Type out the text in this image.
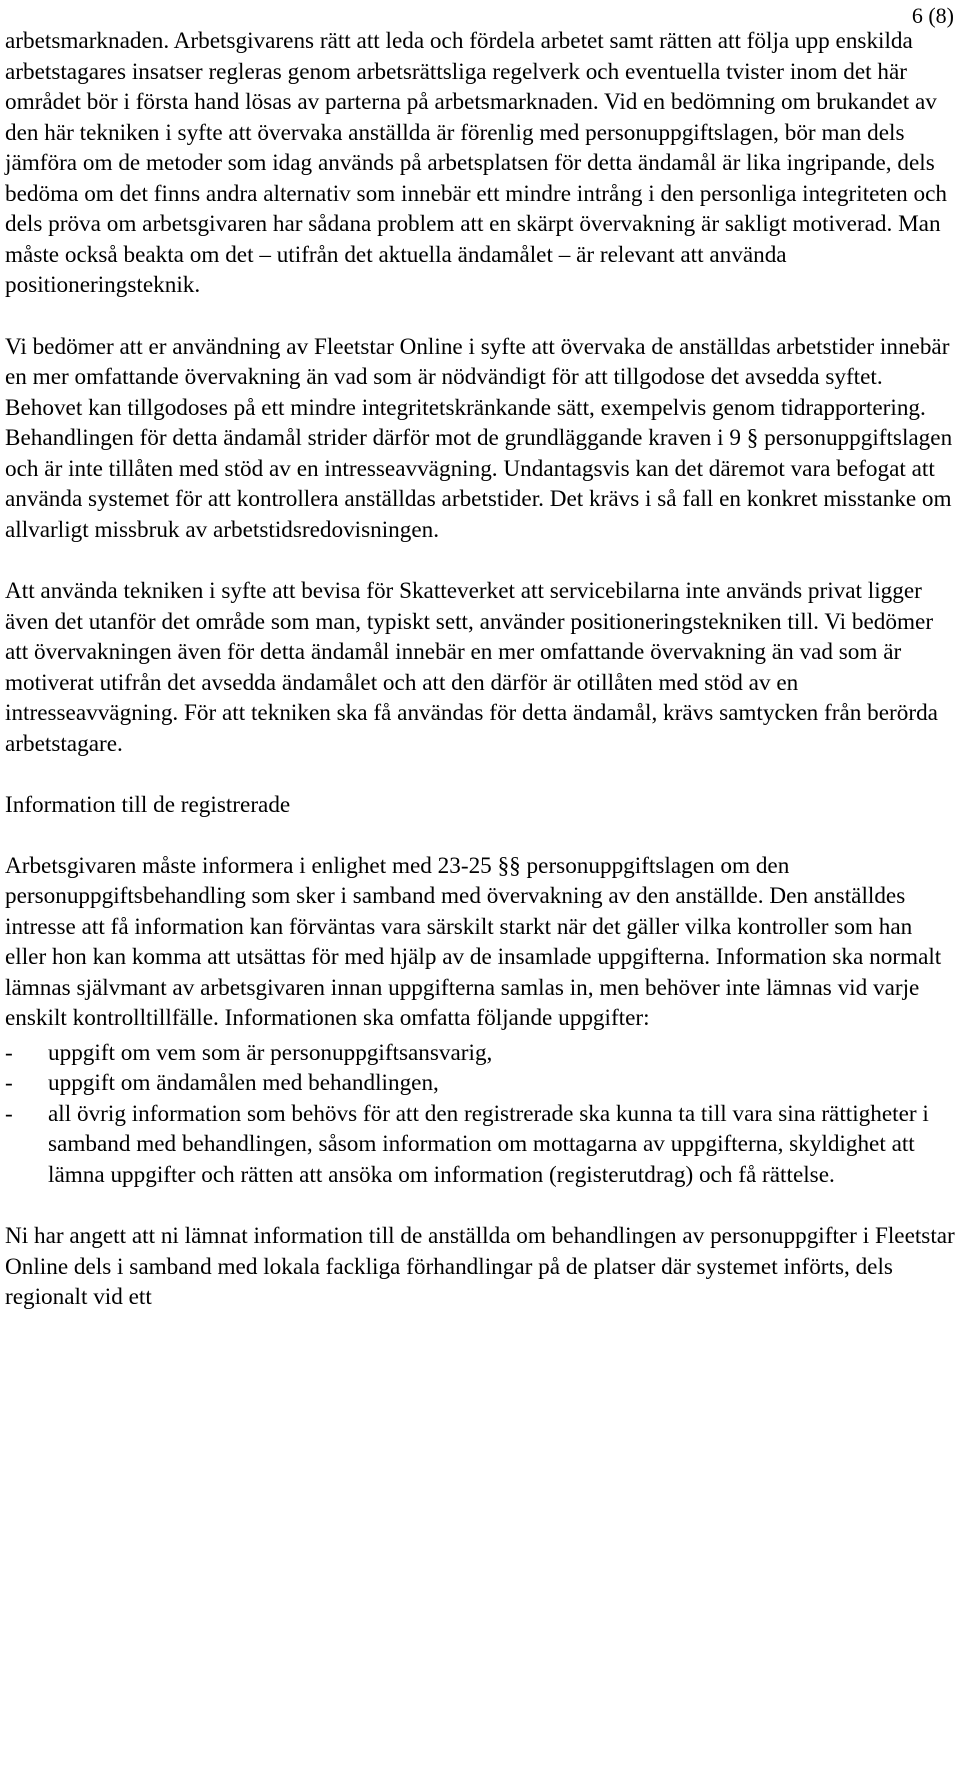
6 (8)

arbetsmarknaden. Arbetsgivarens rätt att leda och fördela arbetet samt rätten att följa upp enskilda arbetstagares insatser regleras genom arbetsrättsliga regelverk och eventuella tvister inom det här området bör i första hand lösas av parterna på arbetsmarknaden. Vid en bedömning om brukandet av den här tekniken i syfte att övervaka anställda är förenlig med personuppgiftslagen, bör man dels jämföra om de metoder som idag används på arbetsplatsen för detta ändamål är lika ingripande, dels bedöma om det finns andra alternativ som innebär ett mindre intrång i den personliga integriteten och dels pröva om arbetsgivaren har sådana problem att en skärpt övervakning är sakligt motiverad. Man måste också beakta om det – utifrån det aktuella ändamålet – är relevant att använda positioneringsteknik.

Vi bedömer att er användning av Fleetstar Online i syfte att övervaka de anställdas arbetstider innebär en mer omfattande övervakning än vad som är nödvändigt för att tillgodose det avsedda syftet. Behovet kan tillgodoses på ett mindre integritetskränkande sätt, exempelvis genom tidrapportering. Behandlingen för detta ändamål strider därför mot de grundläggande kraven i 9 § personuppgiftslagen och är inte tillåten med stöd av en intresseavvägning. Undantagsvis kan det däremot vara befogat att använda systemet för att kontrollera anställdas arbetstider. Det krävs i så fall en konkret misstanke om allvarligt missbruk av arbetstidsredovisningen.

Att använda tekniken i syfte att bevisa för Skatteverket att servicebilarna inte används privat ligger även det utanför det område som man, typiskt sett, använder positioneringstekniken till. Vi bedömer att övervakningen även för detta ändamål innebär en mer omfattande övervakning än vad som är motiverat utifrån det avsedda ändamålet och att den därför är otillåten med stöd av en intresseavvägning. För att tekniken ska få användas för detta ändamål, krävs samtycken från berörda arbetstagare.

Information till de registrerade

Arbetsgivaren måste informera i enlighet med 23-25 §§ personuppgiftslagen om den personuppgiftsbehandling som sker i samband med övervakning av den anställde. Den anställdes intresse att få information kan förväntas vara särskilt starkt när det gäller vilka kontroller som han eller hon kan komma att utsättas för med hjälp av de insamlade uppgifterna. Information ska normalt lämnas självmant av arbetsgivaren innan uppgifterna samlas in, men behöver inte lämnas vid varje enskilt kontrolltillfälle. Informationen ska omfatta följande uppgifter:

- uppgift om vem som är personuppgiftsansvarig,
- uppgift om ändamålen med behandlingen,
- all övrig information som behövs för att den registrerade ska kunna ta till vara sina rättigheter i samband med behandlingen, såsom information om mottagarna av uppgifterna, skyldighet att lämna uppgifter och rätten att ansöka om information (registerutdrag) och få rättelse.

Ni har angett att ni lämnat information till de anställda om behandlingen av personuppgifter i Fleetstar Online dels i samband med lokala fackliga förhandlingar på de platser där systemet införts, dels regionalt vid ett
